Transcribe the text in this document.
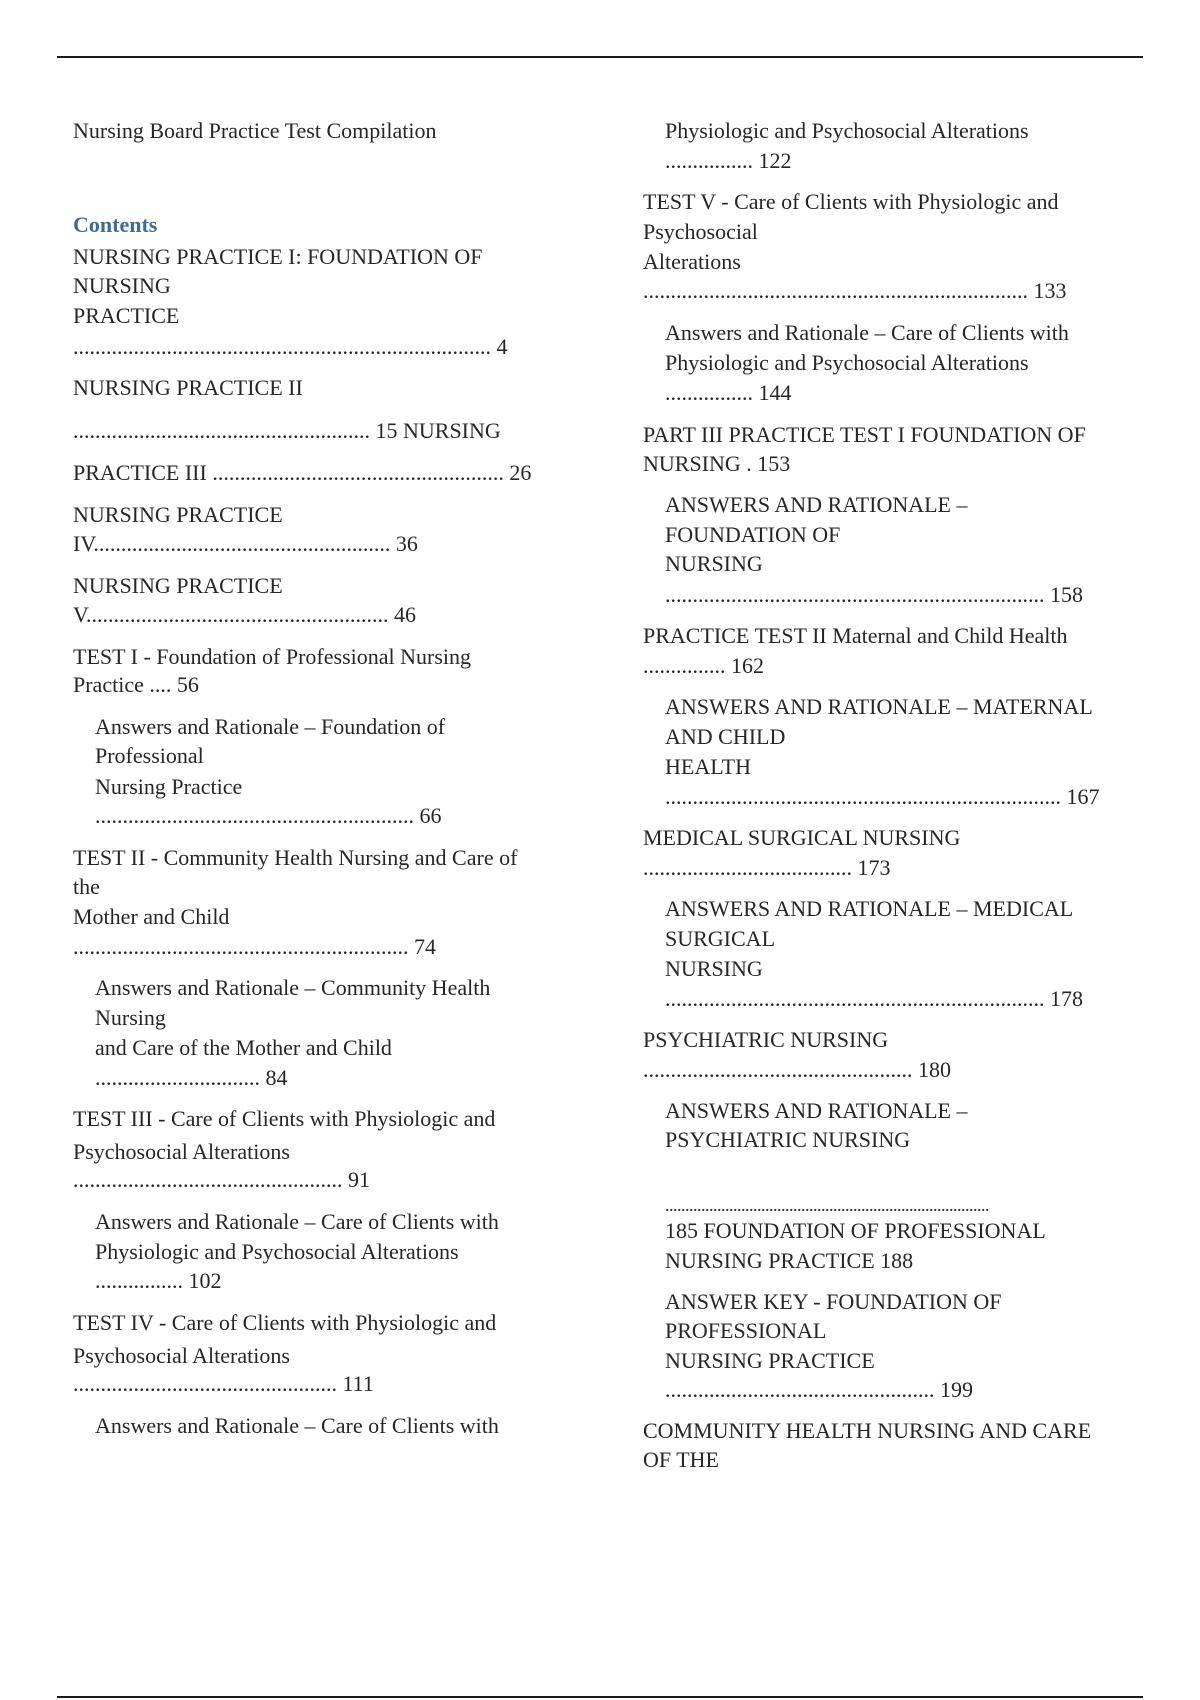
Nursing Board Practice Test Compilation
Contents
NURSING PRACTICE I: FOUNDATION OF
NURSING
PRACTICE
............................................................................ 4
NURSING PRACTICE II
...................................................... 15 NURSING
PRACTICE III ..................................................... 26
NURSING PRACTICE
IV...................................................... 36
NURSING PRACTICE
V....................................................... 46
TEST I - Foundation of Professional Nursing
Practice .... 56
Answers and Rationale – Foundation of
Professional
Nursing Practice
.......................................................... 66
TEST II - Community Health Nursing and Care of
the
Mother and Child
............................................................. 74
Answers and Rationale – Community Health
Nursing
and Care of the Mother and Child
.............................. 84
TEST III - Care of Clients with Physiologic and
Psychosocial Alterations
................................................. 91
Answers and Rationale – Care of Clients with
Physiologic and Psychosocial Alterations
................ 102
TEST IV - Care of Clients with Physiologic and
Psychosocial Alterations
................................................ 111
Answers and Rationale – Care of Clients with
Physiologic and Psychosocial Alterations
................ 122
TEST V - Care of Clients with Physiologic and
Psychosocial
Alterations
...................................................................... 133
Answers and Rationale – Care of Clients with
Physiologic and Psychosocial Alterations
................ 144
PART III PRACTICE TEST I FOUNDATION OF
NURSING . 153
ANSWERS AND RATIONALE –
FOUNDATION OF
NURSING
..................................................................... 158
PRACTICE TEST II Maternal and Child Health
............... 162
ANSWERS AND RATIONALE – MATERNAL
AND CHILD
HEALTH
........................................................................ 167
MEDICAL SURGICAL NURSING
...................................... 173
ANSWERS AND RATIONALE – MEDICAL
SURGICAL
NURSING
..................................................................... 178
PSYCHIATRIC NURSING
................................................. 180
ANSWERS AND RATIONALE –
PSYCHIATRIC NURSING
.................................................................................
185 FOUNDATION OF PROFESSIONAL
NURSING PRACTICE 188
ANSWER KEY - FOUNDATION OF
PROFESSIONAL
NURSING PRACTICE
................................................. 199
COMMUNITY HEALTH NURSING AND CARE
OF THE
